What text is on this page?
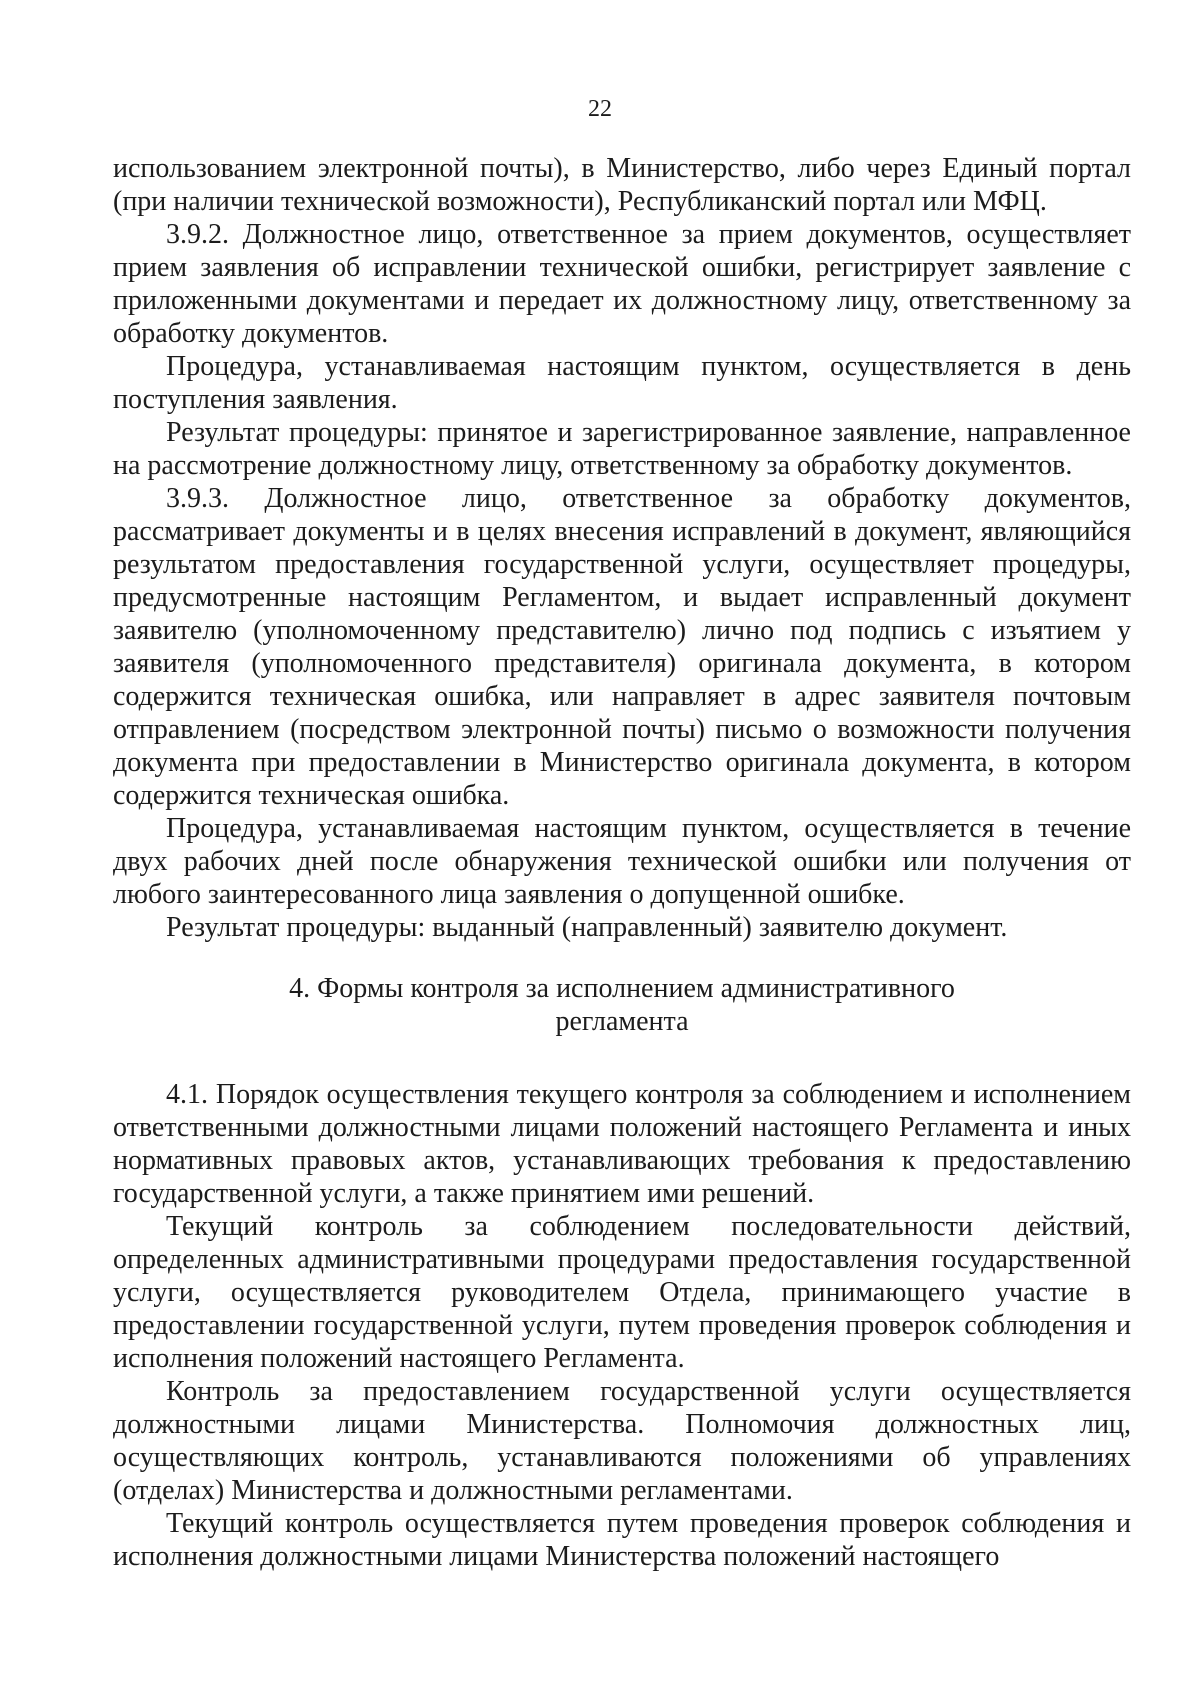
22

использованием электронной почты), в Министерство, либо через Единый портал (при наличии технической возможности), Республиканский портал или МФЦ.

3.9.2. Должностное лицо, ответственное за прием документов, осуществляет прием заявления об исправлении технической ошибки, регистрирует заявление с приложенными документами и передает их должностному лицу, ответственному за обработку документов.

Процедура, устанавливаемая настоящим пунктом, осуществляется в день поступления заявления.

Результат процедуры: принятое и зарегистрированное заявление, направленное на рассмотрение должностному лицу, ответственному за обработку документов.

3.9.3. Должностное лицо, ответственное за обработку документов, рассматривает документы и в целях внесения исправлений в документ, являющийся результатом предоставления государственной услуги, осуществляет процедуры, предусмотренные настоящим Регламентом, и выдает исправленный документ заявителю (уполномоченному представителю) лично под подпись с изъятием у заявителя (уполномоченного представителя) оригинала документа, в котором содержится техническая ошибка, или направляет в адрес заявителя почтовым отправлением (посредством электронной почты) письмо о возможности получения документа при предоставлении в Министерство оригинала документа, в котором содержится техническая ошибка.

Процедура, устанавливаемая настоящим пунктом, осуществляется в течение двух рабочих дней после обнаружения технической ошибки или получения от любого заинтересованного лица заявления о допущенной ошибке.

Результат процедуры: выданный (направленный) заявителю документ.

4. Формы контроля за исполнением административного
регламента

4.1. Порядок осуществления текущего контроля за соблюдением и исполнением ответственными должностными лицами положений настоящего Регламента и иных нормативных правовых актов, устанавливающих требования к предоставлению государственной услуги, а также принятием ими решений.

Текущий контроль за соблюдением последовательности действий, определенных административными процедурами предоставления государственной услуги, осуществляется руководителем Отдела, принимающего участие в предоставлении государственной услуги, путем проведения проверок соблюдения и исполнения положений настоящего Регламента.

Контроль за предоставлением государственной услуги осуществляется должностными лицами Министерства. Полномочия должностных лиц, осуществляющих контроль, устанавливаются положениями об управлениях (отделах) Министерства и должностными регламентами.

Текущий контроль осуществляется путем проведения проверок соблюдения и исполнения должностными лицами Министерства положений настоящего
